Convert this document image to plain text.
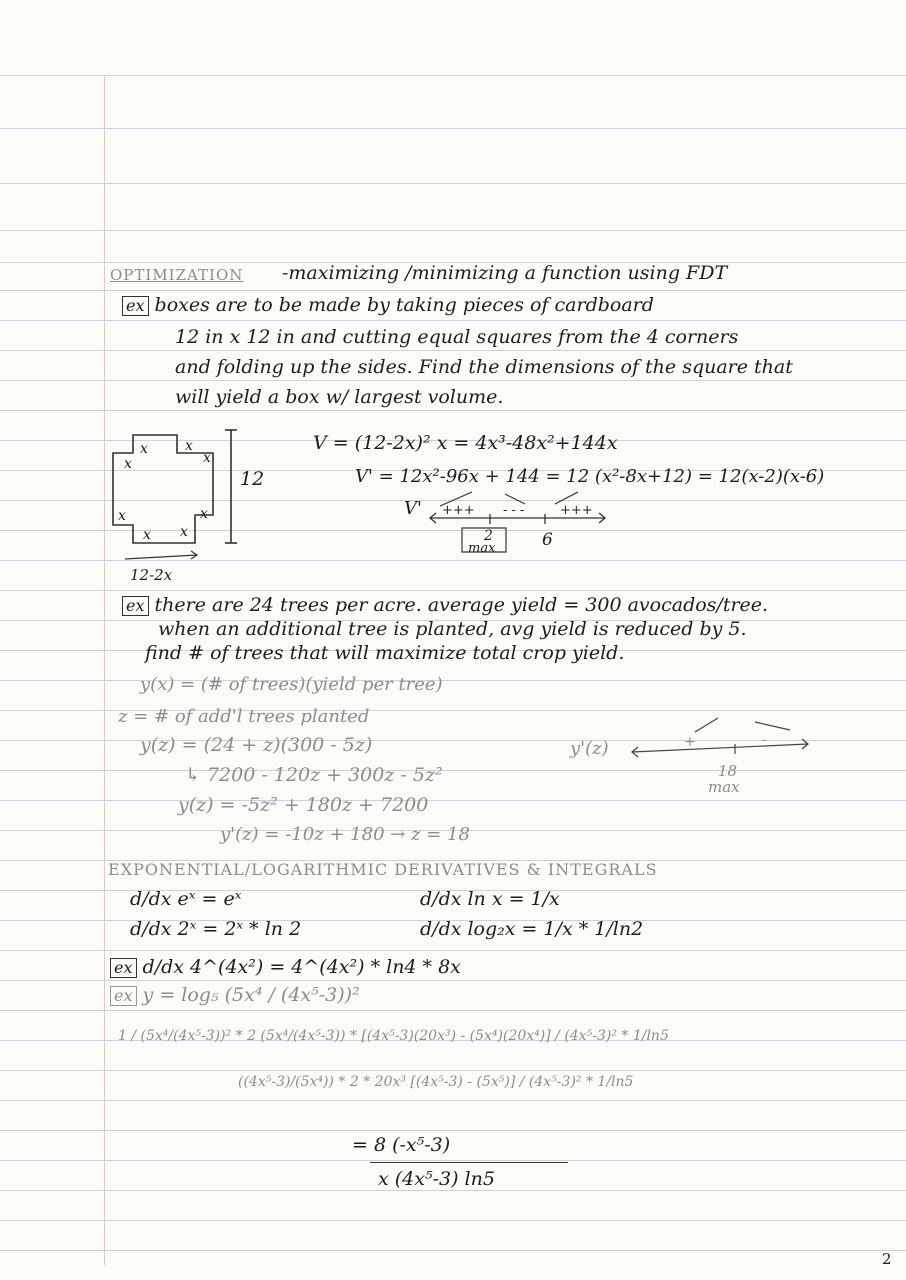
OPTIMIZATION -maximizing /minimizing a function using FDT
ex boxes are to be made by taking pieces of cardboard
12 in x 12 in and cutting equal squares from the 4 corners
and folding up the sides. Find the dimensions of the square that
will yield a box w/ largest volume.
x	x
x	x
x	x
x x
12
12-2x
V = (12-2x)² x = 4x³-48x²+144x
V' = 12x²-96x + 144 = 12 (x²-8x+12) = 12(x-2)(x-6)
V' +++ - - -	+++
2
max	6
ex there are 24 trees per acre. average yield = 300 avocados/tree.
when an additional tree is planted, avg yield is reduced by 5.
find # of trees that will maximize total crop yield.
y(x) = (# of trees)(yield per tree)
z = # of add'l trees planted
y(z) = (24 + z)(300 - 5z)
↳ 7200 - 120z + 300z - 5z²
y(z) = -5z² + 180z + 7200
y'(z) = -10z + 180 → z = 18
y'(z)	+	-
18
max
EXPONENTIAL/LOGARITHMIC DERIVATIVES & INTEGRALS
d/dx eˣ = eˣ	d/dx ln x = 1/x
d/dx 2ˣ = 2ˣ * ln 2	d/dx log₂x = 1/x * 1/ln2
ex d/dx 4^(4x²) = 4^(4x²) * ln4 * 8x
ex y = log₅ (5x⁴ / (4x⁵-3))²
1 / (5x⁴/(4x⁵-3))² * 2 (5x⁴/(4x⁵-3)) * [(4x⁵-3)(20x³) - (5x⁴)(20x⁴)] / (4x⁵-3)² * 1/ln5
((4x⁵-3)/(5x⁴)) * 2 * 20x³ [(4x⁵-3) - (5x⁵)] / (4x⁵-3)² * 1/ln5
= 8 (-x⁵-3)
x (4x⁵-3) ln5
2
